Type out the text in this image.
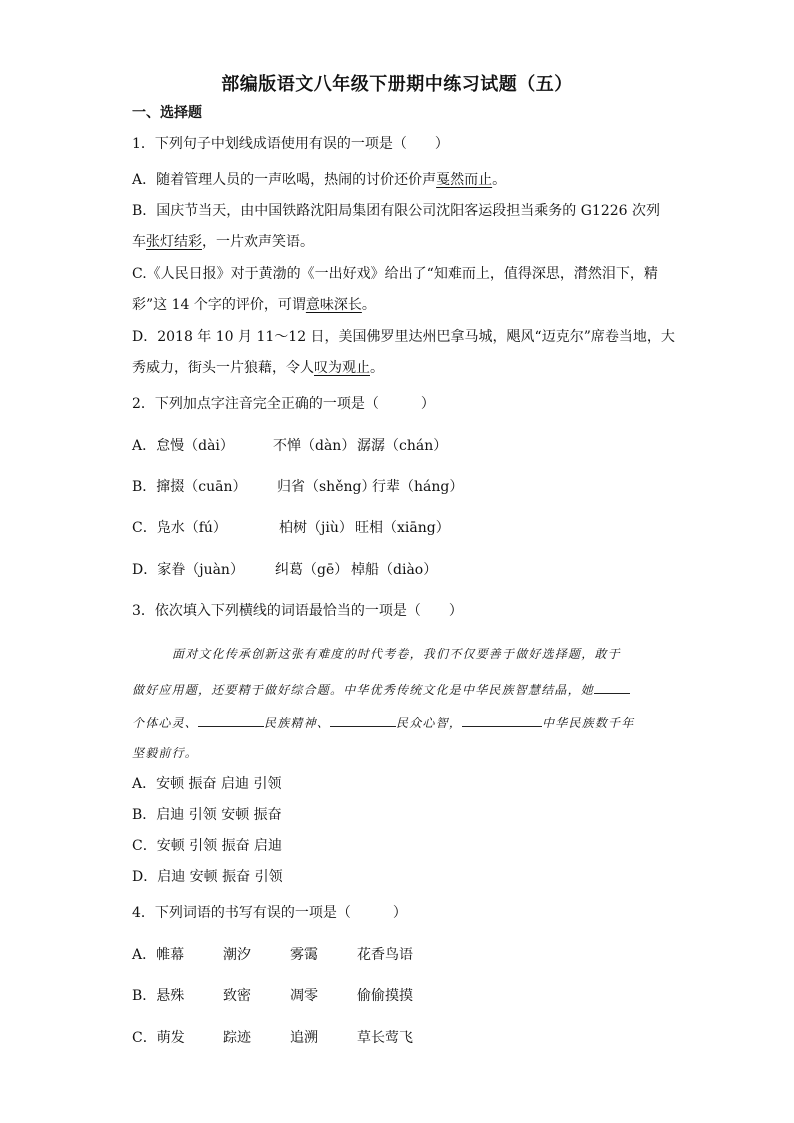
部编版语文八年级下册期中练习试题（五）
一、选择题
1．下列句子中划线成语使用有误的一项是（　　）
A．随着管理人员的一声吆喝，热闹的讨价还价声戛然而止。
B．国庆节当天，由中国铁路沈阳局集团有限公司沈阳客运段担当乘务的 G1226 次列
车张灯结彩，一片欢声笑语。
C.《人民日报》对于黄渤的《一出好戏》给出了“知难而上，值得深思，潸然泪下，精
彩”这 14 个字的评价，可谓意味深长。
D．2018 年 10 月 11～12 日，美国佛罗里达州巴拿马城，飓风“迈克尔”席卷当地，大
秀威力，街头一片狼藉，令人叹为观止。
2．下列加点字注音完全正确的一项是（　　　）
A．怠慢（dài）	不惮（dàn） 潺潺（chán）
B．撺掇（cuān） 归省（shěng）行辈（háng）
C．凫水（fú）	柏树（jiù） 旺相（xiāng）
D．家眷（juàn） 纠葛（gē） 棹船（diào）
3．依次填入下列横线的词语最恰当的一项是（　　）
面对文化传承创新这张有难度的时代考卷，我们不仅要善于做好选择题，敢于
做好应用题，还要精于做好综合题。中华优秀传统文化是中华民族智慧结晶，她
个体心灵、	民族精神、	民众心智，	中华民族数千年
坚毅前行。
A．安顿 振奋 启迪 引领
B．启迪 引领 安顿 振奋
C．安顿 引领 振奋 启迪
D．启迪 安顿 振奋 引领
4．下列词语的书写有误的一项是（　　　）
A．帷幕	潮汐	雾霭	花香鸟语
B．悬殊	致密	凋零	偷偷摸摸
C．萌发	踪迹	追溯	草长莺飞
